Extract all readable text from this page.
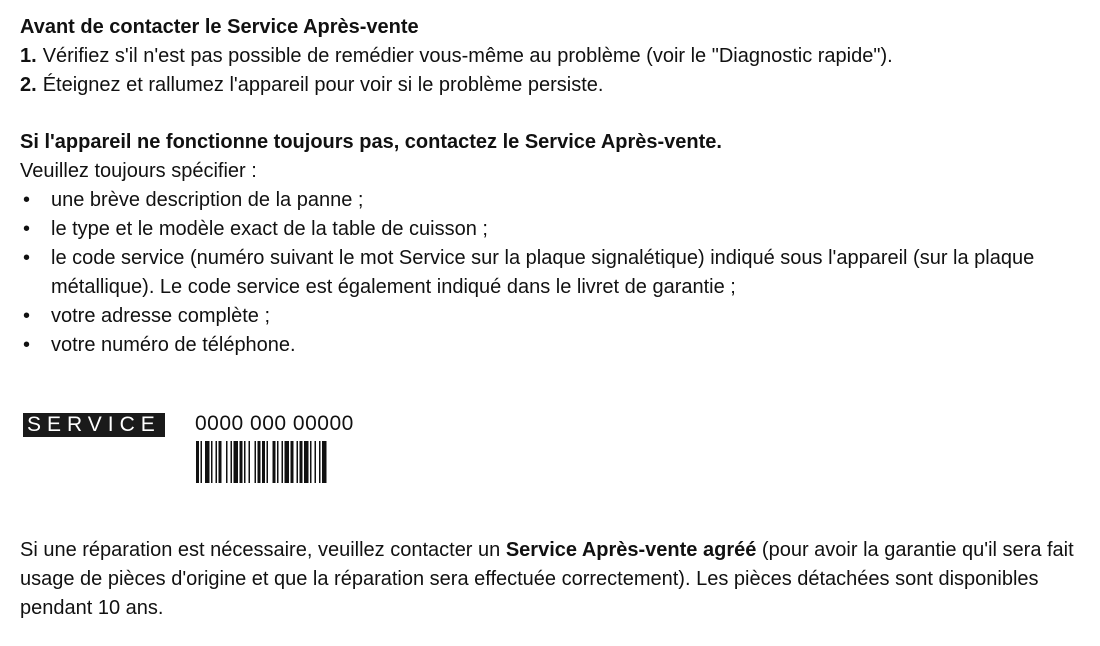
Avant de contacter le Service Après-vente
1. Vérifiez s'il n'est pas possible de remédier vous-même au problème (voir le "Diagnostic rapide").
2. Éteignez et rallumez l'appareil pour voir si le problème persiste.
Si l'appareil ne fonctionne toujours pas, contactez le Service Après-vente.

Veuillez toujours spécifier :

• une brève description de la panne ;
• le type et le modèle exact de la table de cuisson ;
• le code service (numéro suivant le mot Service sur la plaque signalétique) indiqué sous l'appareil (sur la plaque métallique). Le code service est également indiqué dans le livret de garantie ;
• votre adresse complète ;
• votre numéro de téléphone.
SERVICE 0000 000 00000
Si une réparation est nécessaire, veuillez contacter un Service Après-vente agréé (pour avoir la garantie qu'il sera fait usage de pièces d'origine et que la réparation sera effectuée correctement). Les pièces détachées sont disponibles pendant 10 ans.
